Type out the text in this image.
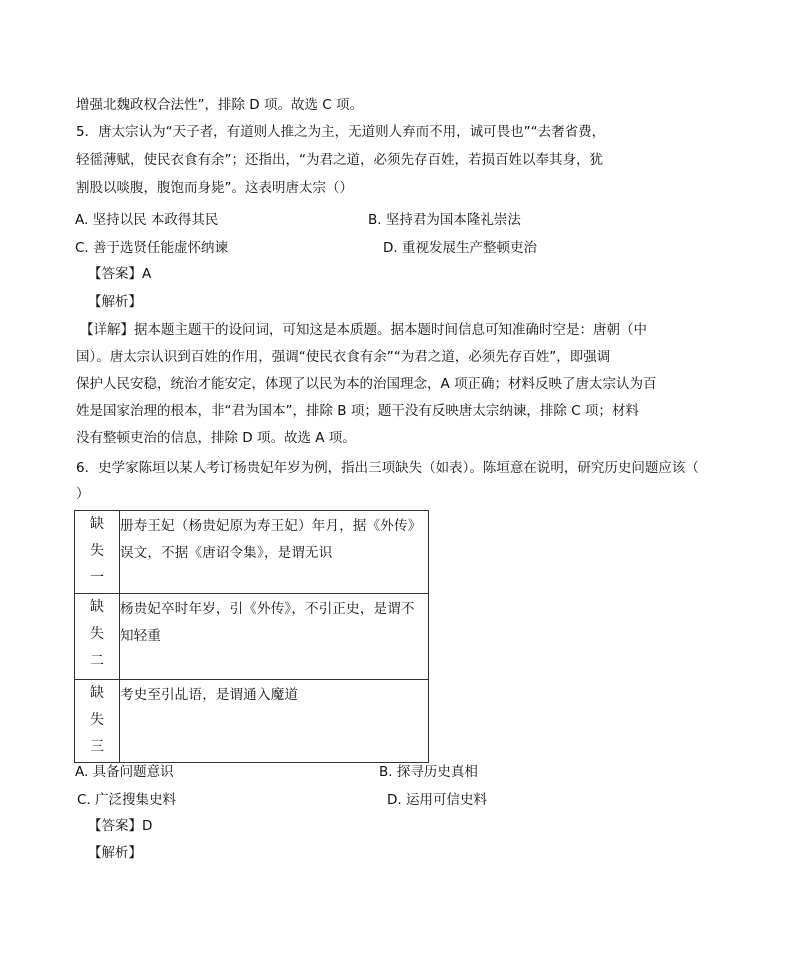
增强北魏政权合法性”，排除 D 项。故选 C 项。
5．唐太宗认为“天子者，有道则人推之为主，无道则人弃而不用，诚可畏也”“去奢省费，
轻徭薄赋，使民衣食有余”；还指出，“为君之道，必须先存百姓，若损百姓以奉其身，犹
割股以啖腹，腹饱而身毙”。这表明唐太宗（）
A. 坚持以民 本政得其民	B. 坚持君为国本隆礼崇法
C. 善于选贤任能虚怀纳谏	D. 重视发展生产整顿吏治
【答案】A
【解析】
【详解】据本题主题干的设问词，可知这是本质题。据本题时间信息可知准确时空是：唐朝（中
国）。唐太宗认识到百姓的作用，强调“使民衣食有余”“为君之道，必须先存百姓”，即强调
保护人民安稳，统治才能安定，体现了以民为本的治国理念，A 项正确；材料反映了唐太宗认为百
姓是国家治理的根本，非“君为国本”，排除 B 项；题干没有反映唐太宗纳谏，排除 C 项；材料
没有整顿吏治的信息，排除 D 项。故选 A 项。
6．史学家陈垣以某人考订杨贵妃年岁为例，指出三项缺失（如表）。陈垣意在说明，研究历史问题应该（
）
缺
失
一	册寿王妃（杨贵妃原为寿王妃）年月，据《外传》
误文，不据《唐诏令集》，是谓无识

缺
失
二	杨贵妃卒时年岁，引《外传》，不引正史，是谓不
知轻重

缺
失
三	考史至引乩语，是谓通入魔道
A. 具备问题意识	B. 探寻历史真相
C. 广泛搜集史料	D. 运用可信史料
【答案】D
【解析】
